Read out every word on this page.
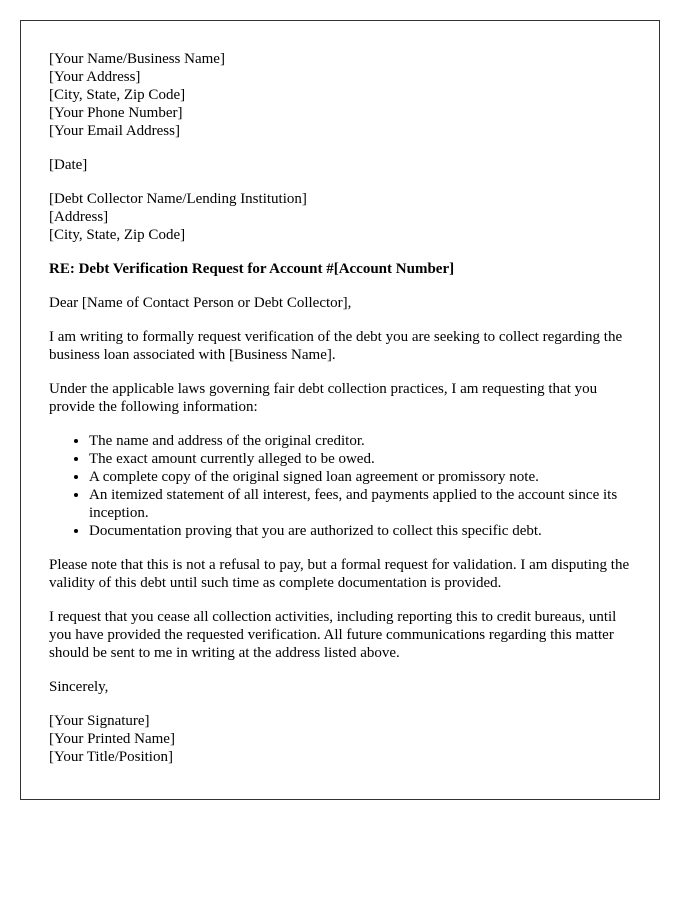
[Your Name/Business Name]
[Your Address]
[City, State, Zip Code]
[Your Phone Number]
[Your Email Address]
[Date]
[Debt Collector Name/Lending Institution]
[Address]
[City, State, Zip Code]

RE: Debt Verification Request for Account #[Account Number]

Dear [Name of Contact Person or Debt Collector],

I am writing to formally request verification of the debt you are seeking to collect regarding the business loan associated with [Business Name].

Under the applicable laws governing fair debt collection practices, I am requesting that you provide the following information:

• The name and address of the original creditor.
• The exact amount currently alleged to be owed.
• A complete copy of the original signed loan agreement or promissory note.
• An itemized statement of all interest, fees, and payments applied to the account since its inception.
• Documentation proving that you are authorized to collect this specific debt.

Please note that this is not a refusal to pay, but a formal request for validation. I am disputing the validity of this debt until such time as complete documentation is provided.

I request that you cease all collection activities, including reporting this to credit bureaus, until you have provided the requested verification. All future communications regarding this matter should be sent to me in writing at the address listed above.

Sincerely,

[Your Signature]
[Your Printed Name]
[Your Title/Position]
